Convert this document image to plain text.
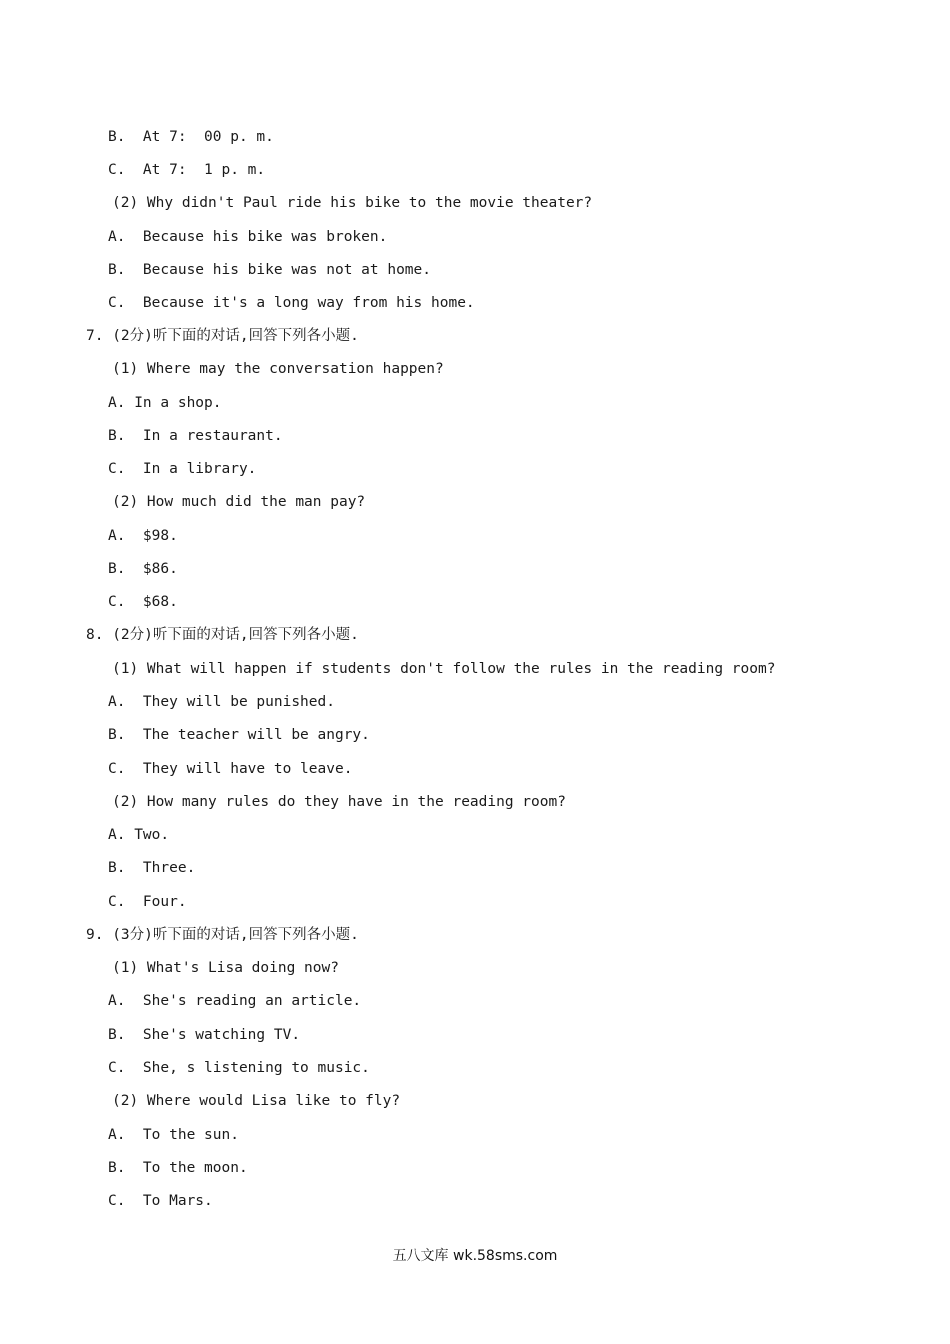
B.  At 7:  00 p. m.
C.  At 7:  1 p. m.
(2) Why didn't Paul ride his bike to the movie theater?
A.  Because his bike was broken.
B.  Because his bike was not at home.
C.  Because it's a long way from his home.
7. (2分)听下面的对话,回答下列各小题.
(1) Where may the conversation happen?
A. In a shop.
B.  In a restaurant.
C.  In a library.
(2) How much did the man pay?
A.  $98.
B.  $86.
C.  $68.
8. (2分)听下面的对话,回答下列各小题.
(1) What will happen if students don't follow the rules in the reading room?
A.  They will be punished.
B.  The teacher will be angry.
C.  They will have to leave.
(2) How many rules do they have in the reading room?
A. Two.
B.  Three.
C.  Four.
9. (3分)听下面的对话,回答下列各小题.
(1) What's Lisa doing now?
A.  She's reading an article.
B.  She's watching TV.
C.  She, s listening to music.
(2) Where would Lisa like to fly?
A.  To the sun.
B.  To the moon.
C.  To Mars.
五八文库 wk.58sms.com
